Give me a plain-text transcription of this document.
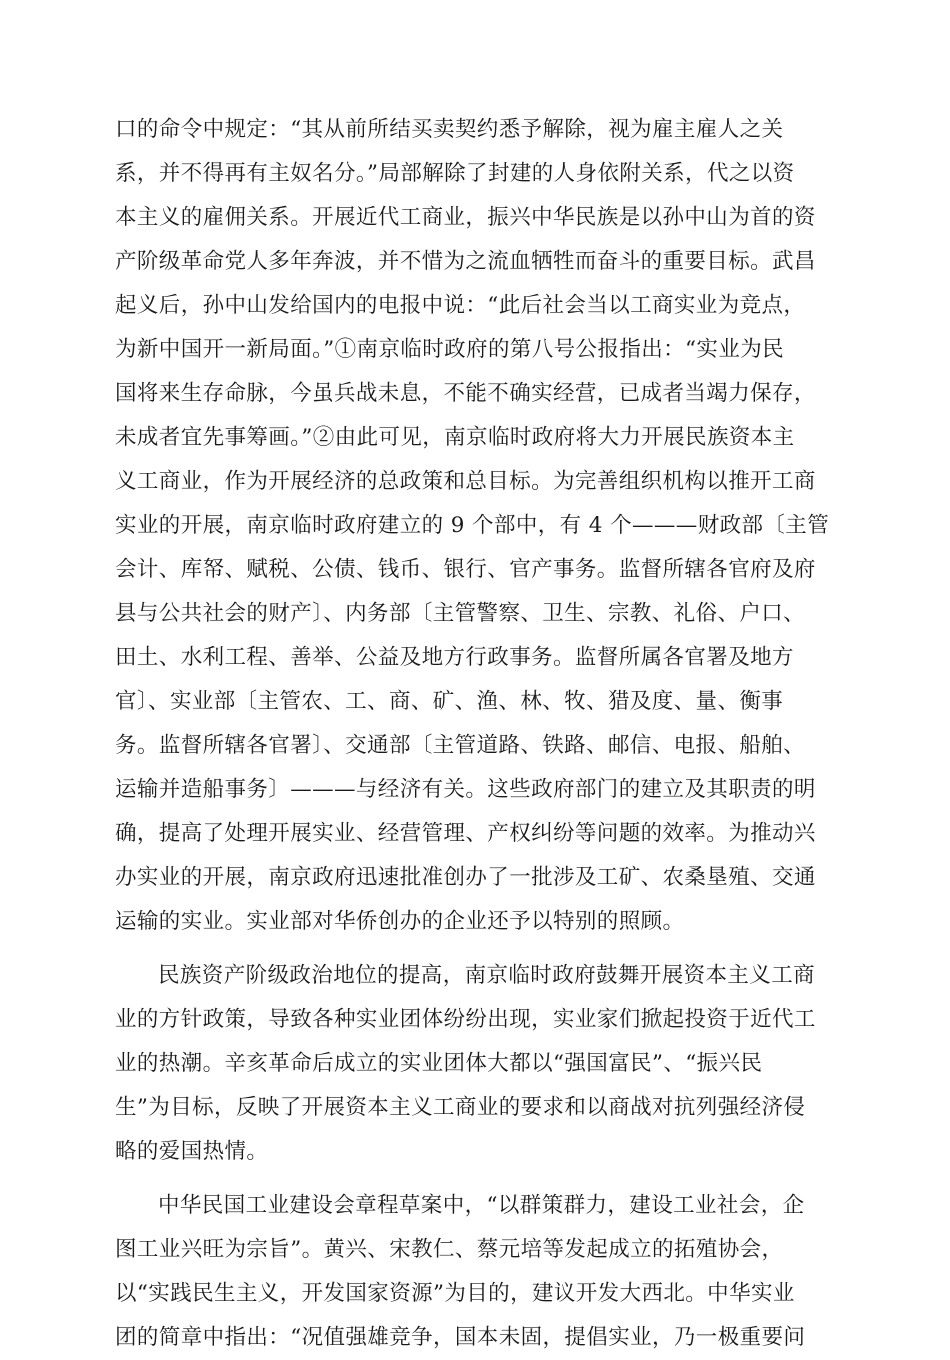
口的命令中规定：“其从前所结买卖契约悉予解除，视为雇主雇人之关
系，并不得再有主奴名分。”局部解除了封建的人身依附关系，代之以资
本主义的雇佣关系。开展近代工商业，振兴中华民族是以孙中山为首的资
产阶级革命党人多年奔波，并不惜为之流血牺牲而奋斗的重要目标。武昌
起义后，孙中山发给国内的电报中说：“此后社会当以工商实业为竞点，
为新中国开一新局面。”①南京临时政府的第八号公报指出：“实业为民
国将来生存命脉，今虽兵战未息，不能不确实经营，已成者当竭力保存，
未成者宜先事筹画。”②由此可见，南京临时政府将大力开展民族资本主
义工商业，作为开展经济的总政策和总目标。为完善组织机构以推开工商
实业的开展，南京临时政府建立的 9 个部中，有 4 个———财政部〔主管
会计、库帑、赋税、公债、钱币、银行、官产事务。监督所辖各官府及府
县与公共社会的财产〕、内务部〔主管警察、卫生、宗教、礼俗、户口、
田土、水利工程、善举、公益及地方行政事务。监督所属各官署及地方
官〕、实业部〔主管农、工、商、矿、渔、林、牧、猎及度、量、衡事
务。监督所辖各官署〕、交通部〔主管道路、铁路、邮信、电报、船舶、
运输并造船事务〕———与经济有关。这些政府部门的建立及其职责的明
确，提高了处理开展实业、经营管理、产权纠纷等问题的效率。为推动兴
办实业的开展，南京政府迅速批准创办了一批涉及工矿、农桑垦殖、交通
运输的实业。实业部对华侨创办的企业还予以特别的照顾。
民族资产阶级政治地位的提高，南京临时政府鼓舞开展资本主义工商
业的方针政策，导致各种实业团体纷纷出现，实业家们掀起投资于近代工
业的热潮。辛亥革命后成立的实业团体大都以“强国富民”、“振兴民
生”为目标，反映了开展资本主义工商业的要求和以商战对抗列强经济侵
略的爱国热情。
中华民国工业建设会章程草案中，“以群策群力，建设工业社会，企
图工业兴旺为宗旨”。黄兴、宋教仁、蔡元培等发起成立的拓殖协会，
以“实践民生主义，开发国家资源”为目的，建议开发大西北。中华实业
团的简章中指出：“况值强雄竞争，国本未固，提倡实业，乃一极重要问
